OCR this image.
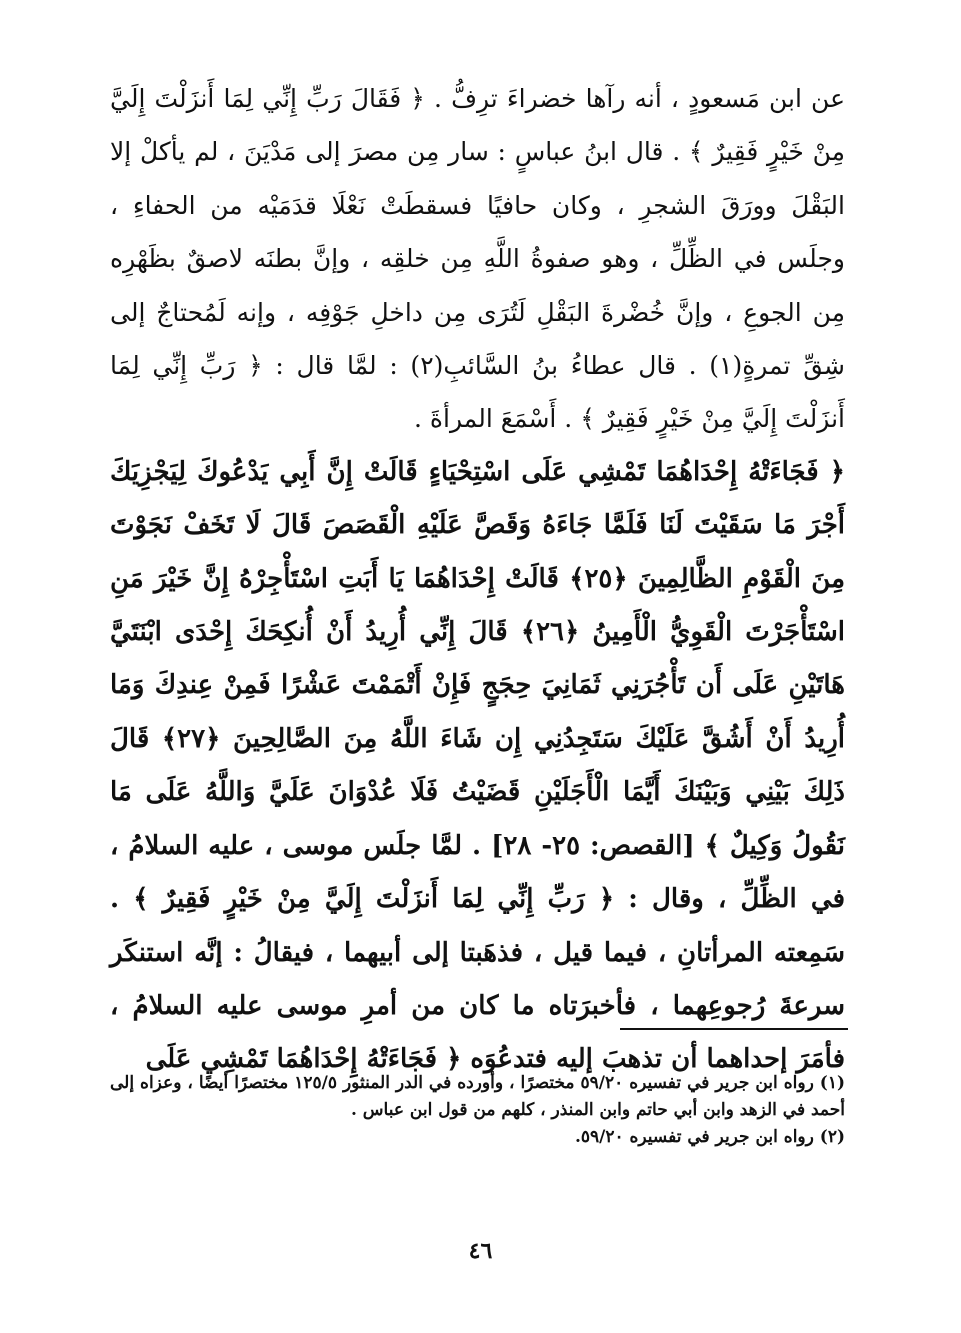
عن ابن مَسعودٍ ، أنه رآها خضراءَ ترِفُّ . ﴿ فَقَالَ رَبِّ إِنِّي لِمَا أَنزَلْتَ إِلَيَّ مِنْ خَيْرٍ فَقِيرٌ ﴾ . قال ابنُ عباسٍ : سار مِن مصرَ إلى مَدْيَنَ ، لم يأكلْ إلا البَقْلَ وورَقَ الشجرِ ، وكان حافيًا فسقطَتْ نَعْلَا قدَمَيْه من الحفاءِ ، وجلَس في الظِّلِّ ، وهو صفوةُ اللَّهِ مِن خلقِه ، وإنَّ بطنَه لاصقٌ بظَهْرِه مِن الجوعِ ، وإنَّ خُضْرةَ البَقْلِ لَتُرَى مِن داخلِ جَوْفِه ، وإنه لَمُحتاجٌ إلى شِقِّ تمرةٍ(١) . قال عطاءُ بنُ السَّائبِ(٢) : لمَّا قال : ﴿ رَبِّ إِنِّي لِمَا أَنزَلْتَ إِلَيَّ مِنْ خَيْرٍ فَقِيرٌ ﴾ . أَسْمَعَ المرأةَ .

﴿ فَجَاءَتْهُ إِحْدَاهُمَا تَمْشِي عَلَى اسْتِحْيَاءٍ قَالَتْ إِنَّ أَبِي يَدْعُوكَ لِيَجْزِيَكَ أَجْرَ مَا سَقَيْتَ لَنَا فَلَمَّا جَاءَهُ وَقَصَّ عَلَيْهِ الْقَصَصَ قَالَ لَا تَخَفْ نَجَوْتَ مِنَ الْقَوْمِ الظَّالِمِينَ ﴿٢٥﴾ قَالَتْ إِحْدَاهُمَا يَا أَبَتِ اسْتَأْجِرْهُ إِنَّ خَيْرَ مَنِ اسْتَأْجَرْتَ الْقَوِيُّ الْأَمِينُ ﴿٢٦﴾ قَالَ إِنِّي أُرِيدُ أَنْ أُنكِحَكَ إِحْدَى ابْنَتَيَّ هَاتَيْنِ عَلَى أَن تَأْجُرَنِي ثَمَانِيَ حِجَجٍ فَإِنْ أَتْمَمْتَ عَشْرًا فَمِنْ عِندِكَ وَمَا أُرِيدُ أَنْ أَشُقَّ عَلَيْكَ سَتَجِدُنِي إِن شَاءَ اللَّهُ مِنَ الصَّالِحِينَ ﴿٢٧﴾ قَالَ ذَلِكَ بَيْنِي وَبَيْنَكَ أَيَّمَا الْأَجَلَيْنِ قَضَيْتُ فَلَا عُدْوَانَ عَلَيَّ وَاللَّهُ عَلَى مَا نَقُولُ وَكِيلٌ ﴾ [القصص: ٢٥- ٢٨] . لمَّا جلَس موسى ، عليه السلامُ ، في الظِّلِّ ، وقال : ﴿ رَبِّ إِنِّي لِمَا أَنزَلْتَ إِلَيَّ مِنْ خَيْرٍ فَقِيرٌ ﴾ . سَمِعته المرأتانِ ، فيما قيل ، فذهَبتا إلى أبيهما ، فيقالُ : إنَّه استنكَر سرعةَ رُجوعِهما ، فأخبرَتاه ما كان من أمرِ موسى عليه السلامُ ، فأمَرَ إحداهما أن تذهبَ إليه فتدعُوَه ﴿ فَجَاءَتْهُ إِحْدَاهُمَا تَمْشِي عَلَى

(١) رواه ابن جرير في تفسيره ٥٩/٢٠ مختصرًا ، وأورده في الدر المنثور ١٢٥/٥ مختصرًا أيضًا ، وعزاه إلى أحمد في الزهد وابن أبي حاتم وابن المنذر ، كلهم من قول ابن عباس .

(٢) رواه ابن جرير في تفسيره ٥٩/٢٠.

٤٦
